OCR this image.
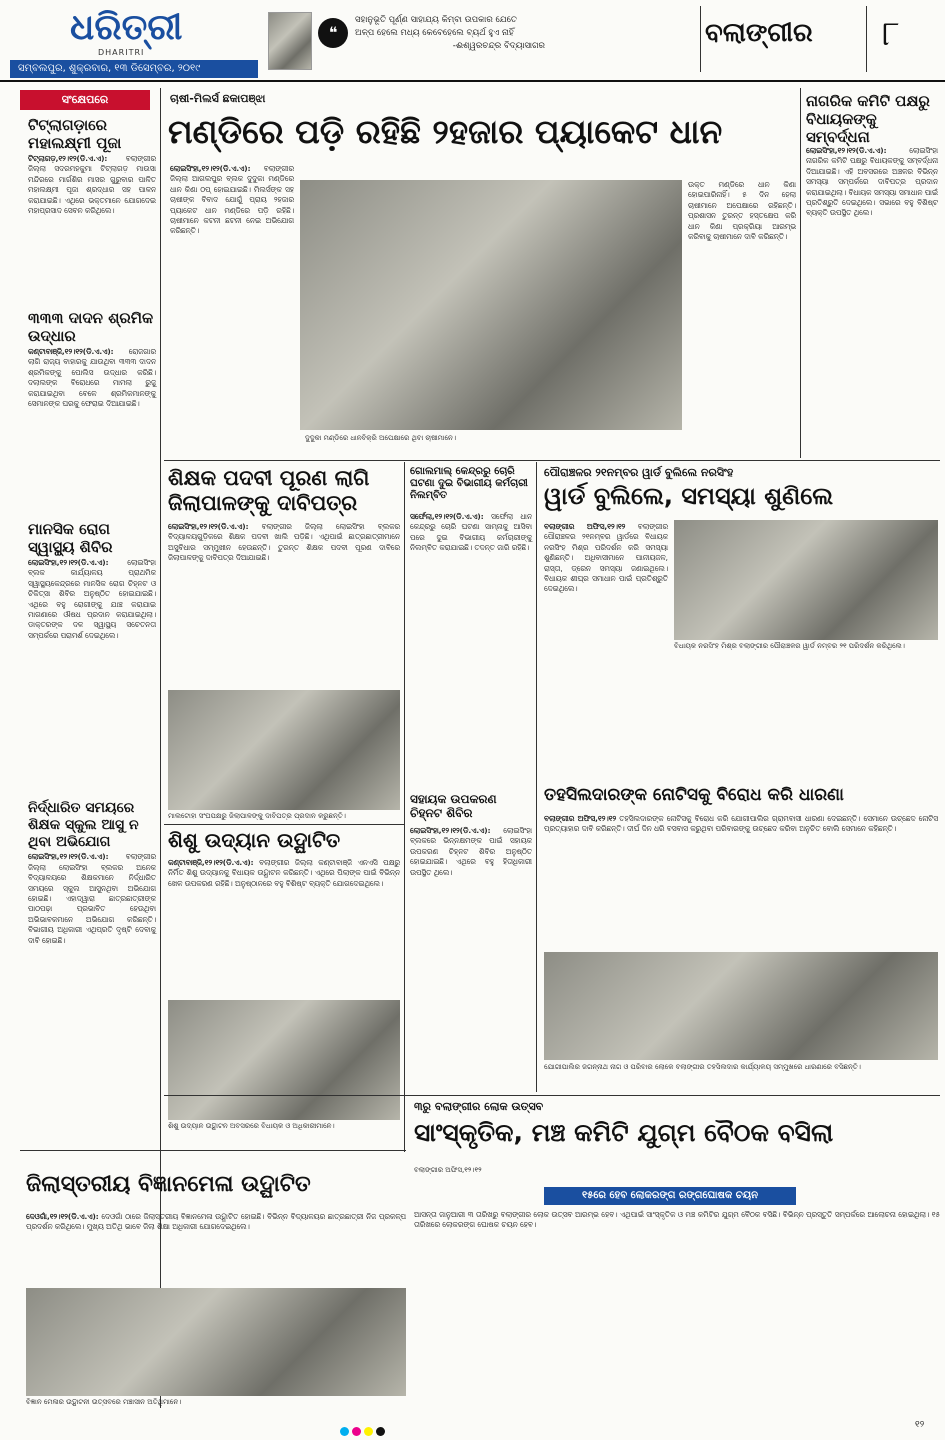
ଧରିତ୍ରୀ
DHARITRI
ସମ୍ବଲପୁର, ଶୁକ୍ରବାର, ୧୩ ଡିସେମ୍ବର, ୨୦୧୯
❝
ସହାନୁଭୂତି ପୂର୍ଣ୍ଣ ସାହାଯ୍ୟ କିମ୍ବା ଉପକାର ଯେତେ
ଅଳ୍ପ ହେଲେ ମଧ୍ୟ କେବେହେଲେ ବ୍ୟର୍ଥ ହୁଏ ନାହିଁ
-ଈଶ୍ୱରଚନ୍ଦ୍ର ବିଦ୍ୟାସାଗର	ବଲାଙ୍ଗୀର ୮
ସଂକ୍ଷେପରେ
ଟିଟ୍ଲାଗଡ଼ାରେ ମହାଲକ୍ଷ୍ମୀ ପୂଜା
ଟିଟ୍ଲାଗଡ଼,୧୨।୧୨(ଡି.ଏ.ଏ):	ବଲାଙ୍ଗୀର ଜିଲ୍ଲା ସଦରମହକୁମା ଟିଟ୍ଲାଗଡ଼ ମାଉସା ମନ୍ଦିରରେ ମାର୍ଗଶିର ମାସର ଗୁରୁବାର ପାଳିତ ମହାଲକ୍ଷ୍ମୀ ପୂଜା ଶ୍ରଦ୍ଧାର ସହ ପାଳନ କରାଯାଇଛି। ଏଥିରେ ଭକ୍ତମାନେ ଯୋଗଦେଇ ମହାପ୍ରସାଦ ସେବନ କରିଥିଲେ।
୩୩୩ ଦାଦନ ଶ୍ରମିକ ଉଦ୍ଧାର
କଣ୍ଟାବାଞ୍ଜି,୧୨।୧୨(ଡି.ଏ.ଏ): ରୋଜଗାର ଲାଗି ରାଜ୍ୟ ବାହାରକୁ ଯାଉଥିବା ୩୩୩ ଦାଦନ ଶ୍ରମିକଙ୍କୁ ପୋଲିସ ଉଦ୍ଧାର କରିଛି। ଦଲାଲଙ୍କ ବିରୋଧରେ ମାମଲା ରୁଜୁ କରାଯାଇଥିବା ବେଳେ ଶ୍ରମିକମାନଙ୍କୁ ସେମାନଙ୍କ ଘରକୁ ଫେରାଇ ଦିଆଯାଇଛି।
ମାନସିକ ରୋଗ ସ୍ୱାସ୍ଥ୍ୟ ଶିବିର
ଲୋଇସିଂହା,୧୨।୧୨(ଡି.ଏ.ଏ):	ଲୋଇସିଂହା ବ୍ଲକ କାର୍ଯ୍ୟାଳୟ ପ୍ରାଥମିକ ସ୍ୱାସ୍ଥ୍ୟକେନ୍ଦ୍ରରେ ମାନସିକ ରୋଗ ଚିହ୍ନଟ ଓ ଚିକିତ୍ସା ଶିବିର ଅନୁଷ୍ଠିତ ହୋଇଯାଇଛି। ଏଥିରେ ବହୁ ରୋଗୀଙ୍କୁ ଯାଞ୍ଚ କରାଯାଇ ମାଗଣାରେ ଔଷଧ ପ୍ରଦାନ କରାଯାଇଥିଲା। ଡାକ୍ତରଙ୍କ ଦଳ ସ୍ୱାସ୍ଥ୍ୟ ସଚେତନତା ସମ୍ପର୍କରେ ପରାମର୍ଶ ଦେଇଥିଲେ।
ନିର୍ଦ୍ଧାରିତ ସମୟରେ ଶିକ୍ଷକ ସ୍କୁଲ ଆସୁ ନ ଥିବା ଅଭିଯୋଗ
ଲୋଇସିଂହା,୧୨।୧୨(ଡି.ଏ.ଏ): ବଲାଙ୍ଗୀର ଜିଲ୍ଲା ଲୋଇସିଂହା ବ୍ଲକର ଅନେକ ବିଦ୍ୟାଳୟରେ ଶିକ୍ଷକମାନେ ନିର୍ଦ୍ଧାରିତ ସମୟରେ ସ୍କୁଲ ଆସୁନଥିବା ଅଭିଯୋଗ ହୋଇଛି। ଏହାଦ୍ୱାରା ଛାତ୍ରଛାତ୍ରୀଙ୍କ ପାଠପଢ଼ା ପ୍ରଭାବିତ ହେଉଥିବା ଅଭିଭାବକମାନେ ଅଭିଯୋଗ କରିଛନ୍ତି। ବିଭାଗୀୟ ଅଧିକାରୀ ଏଥିପ୍ରତି ଦୃଷ୍ଟି ଦେବାକୁ ଦାବି ହୋଇଛି।
ଚାଷୀ-ମିଲର୍ସ ଛକାପଞ୍ଝା
ମଣ୍ଡିରେ ପଡ଼ି ରହିଛି ୨ହଜାର ପ୍ୟାକେଟ ଧାନ
ଲୋଇସିଂହା,୧୨।୧୨(ଡି.ଏ.ଏ): ବଲାଙ୍ଗୀର ଜିଲ୍ଲା ଆଗଲପୁର ବ୍ଲକ ଦୁଦୁକା ମଣ୍ଡିରେ ଧାନ କିଣା ଠପ୍ ହୋଇଯାଇଛି। ମିଲର୍ସଙ୍କ ସହ ଚାଷୀଙ୍କ ବିବାଦ ଯୋଗୁଁ ପ୍ରାୟ ୨ହଜାର ପ୍ୟାକେଟ ଧାନ ମଣ୍ଡିରେ ପଡ଼ି ରହିଛି। ଚାଷୀମାନେ କଟନୀ ଛଟନୀ ନେଇ ଅଭିଯୋଗ କରିଛନ୍ତି।
ଦୁଦୁକା ମଣ୍ଡିରେ ଧାନବିକ୍ରି ଅପେକ୍ଷାରେ ଥିବା ଚାଷୀମାନେ।
ଉକ୍ତ ମଣ୍ଡିରେ ଧାନ କିଣା ହୋଇପାରିନାହିଁ। ୫ ଦିନ ହେଲା ଚାଷୀମାନେ ଅପେକ୍ଷାରେ ରହିଛନ୍ତି। ପ୍ରଶାସନ ତୁରନ୍ତ ହସ୍ତକ୍ଷେପ କରି ଧାନ କିଣା ପ୍ରକ୍ରିୟା ଆରମ୍ଭ କରିବାକୁ ଚାଷୀମାନେ ଦାବି କରିଛନ୍ତି।
ନାଗରିକ କମିଟି ପକ୍ଷରୁ ବିଧାୟକଙ୍କୁ ସମ୍ବର୍ଦ୍ଧନା
ଲୋଇସିଂହା,୧୨।୧୨(ଡି.ଏ.ଏ):	ଲୋଇସିଂହା ନାଗରିକ କମିଟି ପକ୍ଷରୁ ବିଧାୟକଙ୍କୁ ସମ୍ବର୍ଦ୍ଧନା ଦିଆଯାଇଛି। ଏହି ଅବସରରେ ଅଞ୍ଚଳର ବିଭିନ୍ନ ସମସ୍ୟା ସମ୍ପର୍କରେ ଦାବିପତ୍ର ପ୍ରଦାନ କରାଯାଇଥିଲା। ବିଧାୟକ ସମସ୍ୟା ସମାଧାନ ପାଇଁ ପ୍ରତିଶ୍ରୁତି ଦେଇଥିଲେ। ସଭାରେ ବହୁ ବିଶିଷ୍ଟ ବ୍ୟକ୍ତି ଉପସ୍ଥିତ ଥିଲେ।
ଶିକ୍ଷକ ପଦବୀ ପୂରଣ ଲାଗି ଜିଲାପାଳଙ୍କୁ ଦାବିପତ୍ର
ଲୋଇସିଂହା,୧୨।୧୨(ଡି.ଏ.ଏ): ବଲାଙ୍ଗୀର ଜିଲ୍ଲା ଲୋଇସିଂହା ବ୍ଲକର ବିଦ୍ୟାଳୟଗୁଡ଼ିକରେ ଶିକ୍ଷକ ପଦବୀ ଖାଲି ପଡ଼ିଛି। ଏଥିପାଇଁ ଛାତ୍ରଛାତ୍ରୀମାନେ ଅସୁବିଧାର ସମ୍ମୁଖୀନ ହେଉଛନ୍ତି। ତୁରନ୍ତ ଶିକ୍ଷକ ପଦବୀ ପୂରଣ ଦାବିରେ ଜିଲାପାଳଙ୍କୁ ଦାବିପତ୍ର ଦିଆଯାଇଛି।
ମାଲଟୋହା ସଂଘପକ୍ଷରୁ ଜିଲାପାଳଙ୍କୁ ଦାବିପତ୍ର ପ୍ରଦାନ କରୁଛନ୍ତି।
ଗୋଲମାଲ୍ କେନ୍ଦ୍ରରୁ ଚୋରି ଘଟଣା ଦୁଇ ବିଭାଗୀୟ କର୍ମଚାରୀ ନିଲମ୍ବିତ
ସର୍ଫେଲା,୧୨।୧୨(ଡି.ଏ.ଏ): ସର୍ଫେଲା ଧାନ କେନ୍ଦ୍ରରୁ ଚୋରି ଘଟଣା ସାମ୍ନାକୁ ଆସିବା ପରେ ଦୁଇ ବିଭାଗୀୟ କର୍ମଚାରୀଙ୍କୁ ନିଲମ୍ବିତ କରାଯାଇଛି। ତଦନ୍ତ ଜାରି ରହିଛି।
ସହାୟକ ଉପକରଣ ଚିହ୍ନଟ ଶିବିର
ଲୋଇସିଂହା,୧୨।୧୨(ଡି.ଏ.ଏ): ଲୋଇସିଂହା ବ୍ଲକରେ ଭିନ୍ନକ୍ଷମଙ୍କ ପାଇଁ ସହାୟକ ଉପକରଣ ଚିହ୍ନଟ ଶିବିର ଅନୁଷ୍ଠିତ ହୋଇଯାଇଛି। ଏଥିରେ ବହୁ ହିତାଧିକାରୀ ଉପସ୍ଥିତ ଥିଲେ।
ପୌରାଞ୍ଚଳର ୨୧ନମ୍ବର ୱାର୍ଡ ବୁଲିଲେ ନରସିଂହ
ୱାର୍ଡ ବୁଲିଲେ, ସମସ୍ୟା ଶୁଣିଲେ
ବଲାଙ୍ଗୀର ଅଫିସ,୧୨।୧୨ ବଲାଙ୍ଗୀର ପୌରାଞ୍ଚଳର ୨୧ନମ୍ବର ୱାର୍ଡରେ ବିଧାୟକ ନରସିଂହ ମିଶ୍ର ପରିଦର୍ଶନ କରି ସମସ୍ୟା ଶୁଣିଛନ୍ତି। ଅଧିବାସୀମାନେ ପାନୀୟଜଳ, ରାସ୍ତା, ଡ୍ରେନ ସମସ୍ୟା ଜଣାଇଥିଲେ। ବିଧାୟକ ଶୀଘ୍ର ସମାଧାନ ପାଇଁ ପ୍ରତିଶ୍ରୁତି ଦେଇଥିଲେ।
ବିଧାୟକ ନରସିଂହ ମିଶ୍ର ବଲାଙ୍ଗୀର ପୌରାଞ୍ଚଳର ୱାର୍ଡ ନମ୍ବର ୨୧ ପରିଦର୍ଶନ କରିଥିଲେ।
ତହସିଲଦାରଙ୍କ ନୋଟିସକୁ ବିରୋଧ କରି ଧାରଣା
ବଲାଙ୍ଗୀର ଅଫିସ,୧୨।୧୨ ତହସିଲଦାରଙ୍କ ନୋଟିସକୁ ବିରୋଧ କରି ଯୋଗୀପାଲିର ଗ୍ରାମବାସୀ ଧାରଣା ଦେଇଛନ୍ତି। ସେମାନେ ଉଚ୍ଛେଦ ନୋଟିସ ପ୍ରତ୍ୟାହାର ଦାବି କରିଛନ୍ତି। ଦୀର୍ଘ ଦିନ ଧରି ବସବାସ କରୁଥିବା ପରିବାରଙ୍କୁ ଉଚ୍ଛେଦ କରିବା ଅନୁଚିତ ବୋଲି ସେମାନେ କହିଛନ୍ତି।
ଯୋଗୀପାଲିର ଜଗନ୍ନାଥ ନାଗ ଓ ପରିବାର ଲୋକେ ବଲାଙ୍ଗୀର ତହସିଲଦାର କାର୍ଯ୍ୟାଳୟ ସମ୍ମୁଖରେ ଧାରଣାରେ ବସିଛନ୍ତି।
ଶିଶୁ ଉଦ୍ୟାନ ଉଦ୍ଘାଟିତ
କଣ୍ଟାବାଞ୍ଜି,୧୨।୧୨(ଡି.ଏ.ଏ): ବଲାଙ୍ଗୀର ଜିଲ୍ଲା କଣ୍ଟାବାଞ୍ଜି ଏନଏସି ପକ୍ଷରୁ ନିର୍ମିତ ଶିଶୁ ଉଦ୍ୟାନକୁ ବିଧାୟକ ଉଦ୍ଘାଟନ କରିଛନ୍ତି। ଏଥିରେ ପିଲାଙ୍କ ପାଇଁ ବିଭିନ୍ନ ଖେଳ ଉପକରଣ ରହିଛି। ଅନୁଷ୍ଠାନରେ ବହୁ ବିଶିଷ୍ଟ ବ୍ୟକ୍ତି ଯୋଗଦେଇଥିଲେ।
ଶିଶୁ ଉଦ୍ୟାନ ଉଦ୍ଘାଟନ ଅବସରରେ ବିଧାୟକ ଓ ଅଧିକାରୀମାନେ।
୩ରୁ ବଲାଙ୍ଗୀର ଲୋକ ଉତ୍ସବ
ସାଂସ୍କୃତିକ, ମଞ୍ଚ କମିଟି ଯୁଗ୍ମ ବୈଠକ ବସିଲା
ବଲାଙ୍ଗୀର ଅଫିସ,୧୨।୧୨
୧୫ରେ ହେବ ଲୋକରଙ୍ଗ ରଙ୍ଗଘୋଷକ ଚୟନ
ଆସନ୍ତା ଜାନୁଆରୀ ୩ ତାରିଖରୁ ବଲାଙ୍ଗୀର ଲୋକ ଉତ୍ସବ ଆରମ୍ଭ ହେବ। ଏଥିପାଇଁ ସାଂସ୍କୃତିକ ଓ ମଞ୍ଚ କମିଟିର ଯୁଗ୍ମ ବୈଠକ ବସିଛି। ବିଭିନ୍ନ ପ୍ରସ୍ତୁତି ସମ୍ପର୍କରେ ଆଲୋଚନା ହୋଇଥିଲା। ୧୫ ତାରିଖରେ ଲୋକରଙ୍ଗ ଘୋଷକ ଚୟନ ହେବ।
ଜିଲାସ୍ତରୀୟ ବିଜ୍ଞାନମେଳା ଉଦ୍ଘାଟିତ
ଦେଓଗାଁ,୧୨।୧୨(ଡି.ଏ.ଏ): ଦେଓଗାଁ ଠାରେ ଜିଲାସ୍ତରୀୟ ବିଜ୍ଞାନମେଳା ଉଦ୍ଘାଟିତ ହୋଇଛି। ବିଭିନ୍ନ ବିଦ୍ୟାଳୟର ଛାତ୍ରଛାତ୍ରୀ ନିଜ ପ୍ରକଳ୍ପ ପ୍ରଦର୍ଶନ କରିଥିଲେ। ମୁଖ୍ୟ ଅତିଥି ଭାବେ ଜିଲା ଶିକ୍ଷା ଅଧିକାରୀ ଯୋଗଦେଇଥିଲେ।
ବିଜ୍ଞାନ ମେଳାର ଉଦ୍ଘାଟନୀ ଉତ୍ସବରେ ମଞ୍ଚାସୀନ ଅତିଥିମାନେ।
୧୨
